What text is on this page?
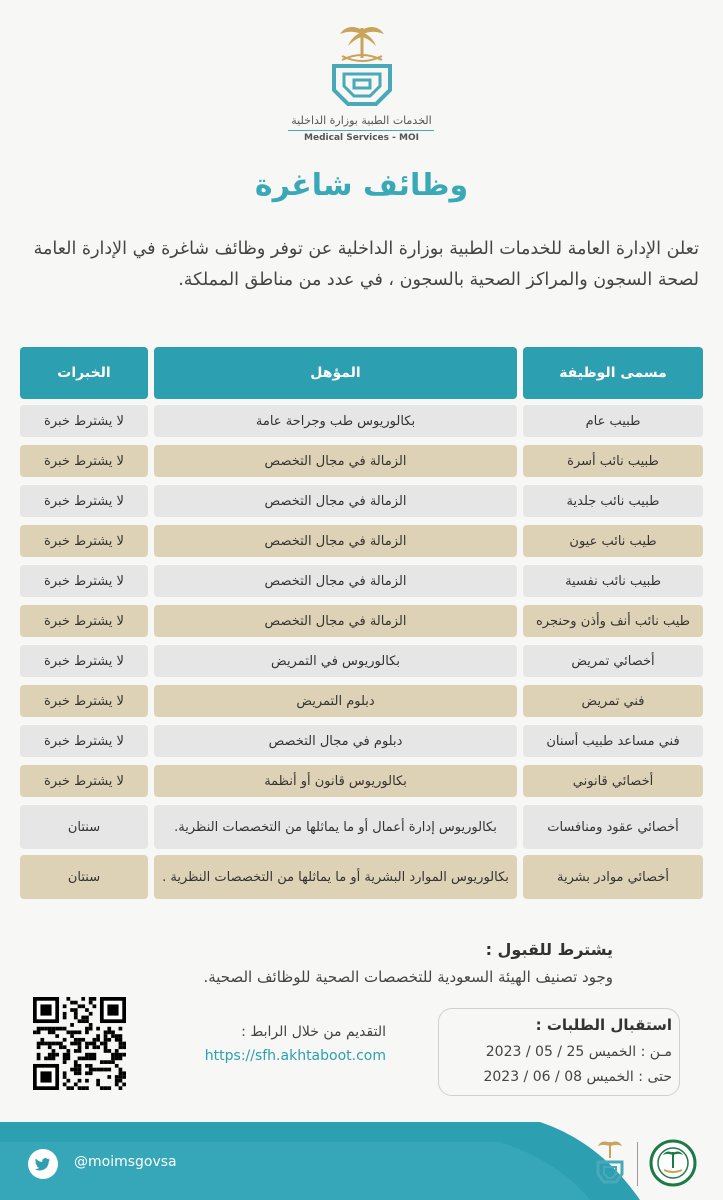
الخدمات الطبية بوزارة الداخلية
Medical Services - MOI
وظائف شاغرة
تعلن الإدارة العامة للخدمات الطبية بوزارة الداخلية عن توفر وظائف شاغرة في الإدارة العامة لصحة السجون والمراكز الصحية بالسجون ، في عدد من مناطق المملكة.
الخبرات	المؤهل	مسمى الوظيفة
لا يشترط خبرة	بكالوريوس طب وجراحة عامة	طبيب عام
لا يشترط خبرة	الزمالة في مجال التخصص	طبيب نائب أسرة
لا يشترط خبرة	الزمالة في مجال التخصص	طبيب نائب جلدية
لا يشترط خبرة	الزمالة في مجال التخصص	طيب نائب عيون
لا يشترط خبرة	الزمالة في مجال التخصص	طبيب نائب نفسية
لا يشترط خبرة	الزمالة في مجال التخصص	طيب نائب أنف وأذن وحنجره
لا يشترط خبرة	بكالوريوس في التمريض	أخصائي تمريض
لا يشترط خبرة	دبلوم التمريض	فني تمريض
لا يشترط خبرة	دبلوم في مجال التخصص	فني مساعد طبيب أسنان
لا يشترط خبرة	بكالوريوس قانون أو أنظمة	أخصائي قانوني
سنتان	بكالوريوس إدارة أعمال أو ما يماثلها من التخصصات النظرية.	أخصائي عقود ومنافسات
سنتان	بكالوريوس الموارد البشرية أو ما يماثلها من التخصصات النظرية .	أخصائي موادر بشرية
يشترط للقبول :
وجود تصنيف الهيئة السعودية للتخصصات الصحية للوظائف الصحية.
التقديم من خلال الرابط :
https://sfh.akhtaboot.com
استقبال الطلبات :
مـن : الخميس 25 / 05 / 2023
حتى : الخميس 08 / 06 / 2023
@moimsgovsa
